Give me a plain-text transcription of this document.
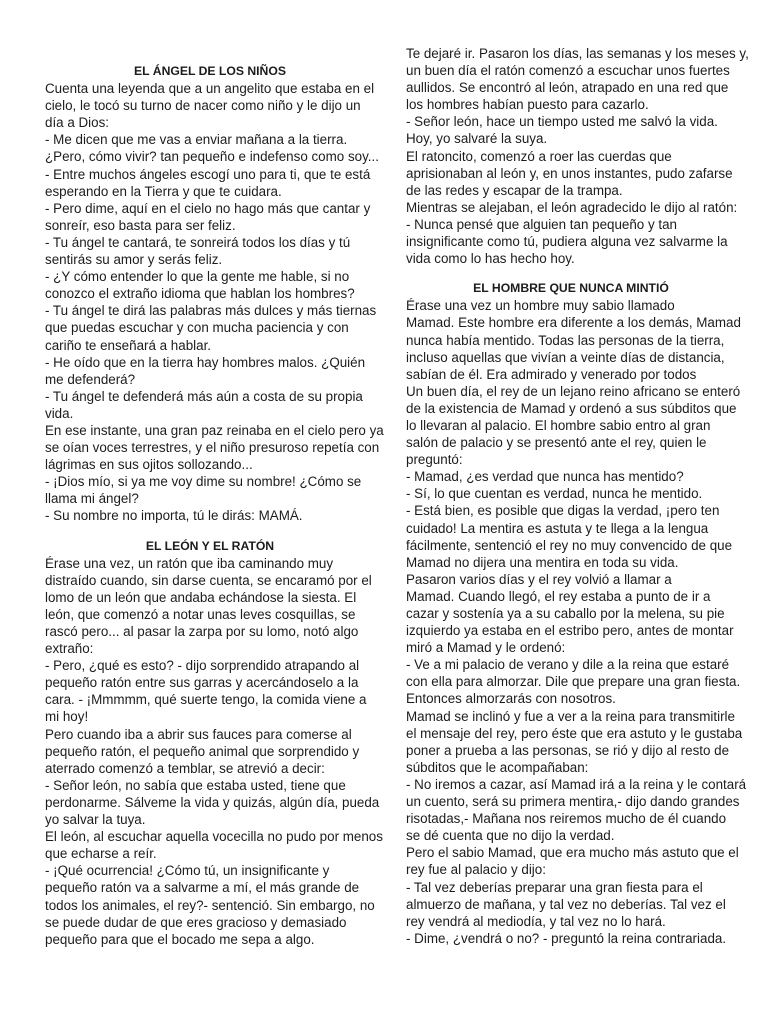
EL ÁNGEL DE LOS NIÑOS

Cuenta una leyenda que a un angelito que estaba en el

cielo, le tocó su turno de nacer como niño y le dijo un

día a Dios:

- Me dicen que me vas a enviar mañana a la tierra.

¿Pero, cómo vivir? tan pequeño e indefenso como soy...

- Entre muchos ángeles escogí uno para ti, que te está

esperando en la Tierra y que te cuidara.

- Pero dime, aquí en el cielo no hago más que cantar y

sonreír, eso basta para ser feliz.

- Tu ángel te cantará, te sonreirá todos los días y tú

sentirás su amor y serás feliz.

- ¿Y cómo entender lo que la gente me hable, si no

conozco el extraño idioma que hablan los hombres?

- Tu ángel te dirá las palabras más dulces y más tiernas

que puedas escuchar y con mucha paciencia y con

cariño te enseñará a hablar.

- He oído que en la tierra hay hombres malos. ¿Quién

me defenderá?

- Tu ángel te defenderá más aún a costa de su propia

vida.

En ese instante, una gran paz reinaba en el cielo pero ya

se oían voces terrestres, y el niño presuroso repetía con

lágrimas en sus ojitos sollozando...

- ¡Dios mío, si ya me voy dime su nombre! ¿Cómo se

llama mi ángel?

- Su nombre no importa, tú le dirás: MAMÁ.

EL LEÓN Y EL RATÓN

Érase una vez, un ratón que iba caminando muy

distraído cuando, sin darse cuenta, se encaramó por el

lomo de un león que andaba echándose la siesta. El

león, que comenzó a notar unas leves cosquillas, se

rascó pero... al pasar la zarpa por su lomo, notó algo

extraño:

- Pero, ¿qué es esto? - dijo sorprendido atrapando al

pequeño ratón entre sus garras y acercándoselo a la

cara. - ¡Mmmmm, qué suerte tengo, la comida viene a

mi hoy!

Pero cuando iba a abrir sus fauces para comerse al

pequeño ratón, el pequeño animal que sorprendido y

aterrado comenzó a temblar, se atrevió a decir:

- Señor león, no sabía que estaba usted, tiene que

perdonarme. Sálveme la vida y quizás, algún día, pueda

yo salvar la tuya.

El león, al escuchar aquella vocecilla no pudo por menos

que echarse a reír.

- ¡Qué ocurrencia! ¿Cómo tú, un insignificante y

pequeño ratón va a salvarme a mí, el más grande de

todos los animales, el rey?- sentenció. Sin embargo, no

se puede dudar de que eres gracioso y demasiado

pequeño para que el bocado me sepa a algo.

Te dejaré ir. Pasaron los días, las semanas y los meses y,

un buen día el ratón comenzó a escuchar unos fuertes

aullidos. Se encontró al león, atrapado en una red que

los hombres habían puesto para cazarlo.

- Señor león, hace un tiempo usted me salvó la vida.

Hoy, yo salvaré la suya.

El ratoncito, comenzó a roer las cuerdas que

aprisionaban al león y, en unos instantes, pudo zafarse

de las redes y escapar de la trampa.

Mientras se alejaban, el león agradecido le dijo al ratón:

- Nunca pensé que alguien tan pequeño y tan

insignificante como tú, pudiera alguna vez salvarme la

vida como lo has hecho hoy.

EL HOMBRE QUE NUNCA MINTIÓ

Érase una vez un hombre muy sabio llamado

Mamad. Este hombre era diferente a los demás, Mamad

nunca había mentido. Todas las personas de la tierra,

incluso aquellas que vivían a veinte días de distancia,

sabían de él. Era admirado y venerado por todos

Un buen día, el rey de un lejano reino africano se enteró

de la existencia de Mamad y ordenó a sus súbditos que

lo llevaran al palacio. El hombre sabio entro al gran

salón de palacio y se presentó ante el rey, quien le

preguntó:

- Mamad, ¿es verdad que nunca has mentido?

- Sí, lo que cuentan es verdad, nunca he mentido.

- Está bien, es posible que digas la verdad, ¡pero ten

cuidado! La mentira es astuta y te llega a la lengua

fácilmente, sentenció el rey no muy convencido de que

Mamad no dijera una mentira en toda su vida.

Pasaron varios días y el rey volvió a llamar a

Mamad. Cuando llegó, el rey estaba a punto de ir a

cazar y sostenía ya a su caballo por la melena, su pie

izquierdo ya estaba en el estribo pero, antes de montar

miró a Mamad y le ordenó:

- Ve a mi palacio de verano y dile a la reina que estaré

con ella para almorzar. Dile que prepare una gran fiesta.

Entonces almorzarás con nosotros.

Mamad se inclinó y fue a ver a la reina para transmitirle

el mensaje del rey, pero éste que era astuto y le gustaba

poner a prueba a las personas, se rió y dijo al resto de

súbditos que le acompañaban:

- No iremos a cazar, así Mamad irá a la reina y le contará

un cuento, será su primera mentira,- dijo dando grandes

risotadas,- Mañana nos reiremos mucho de él cuando

se dé cuenta que no dijo la verdad.

Pero el sabio Mamad, que era mucho más astuto que el

rey fue al palacio y dijo:

- Tal vez deberías preparar una gran fiesta para el

almuerzo de mañana, y tal vez no deberías. Tal vez el

rey vendrá al mediodía, y tal vez no lo hará.

- Dime, ¿vendrá o no? - preguntó la reina contrariada.
